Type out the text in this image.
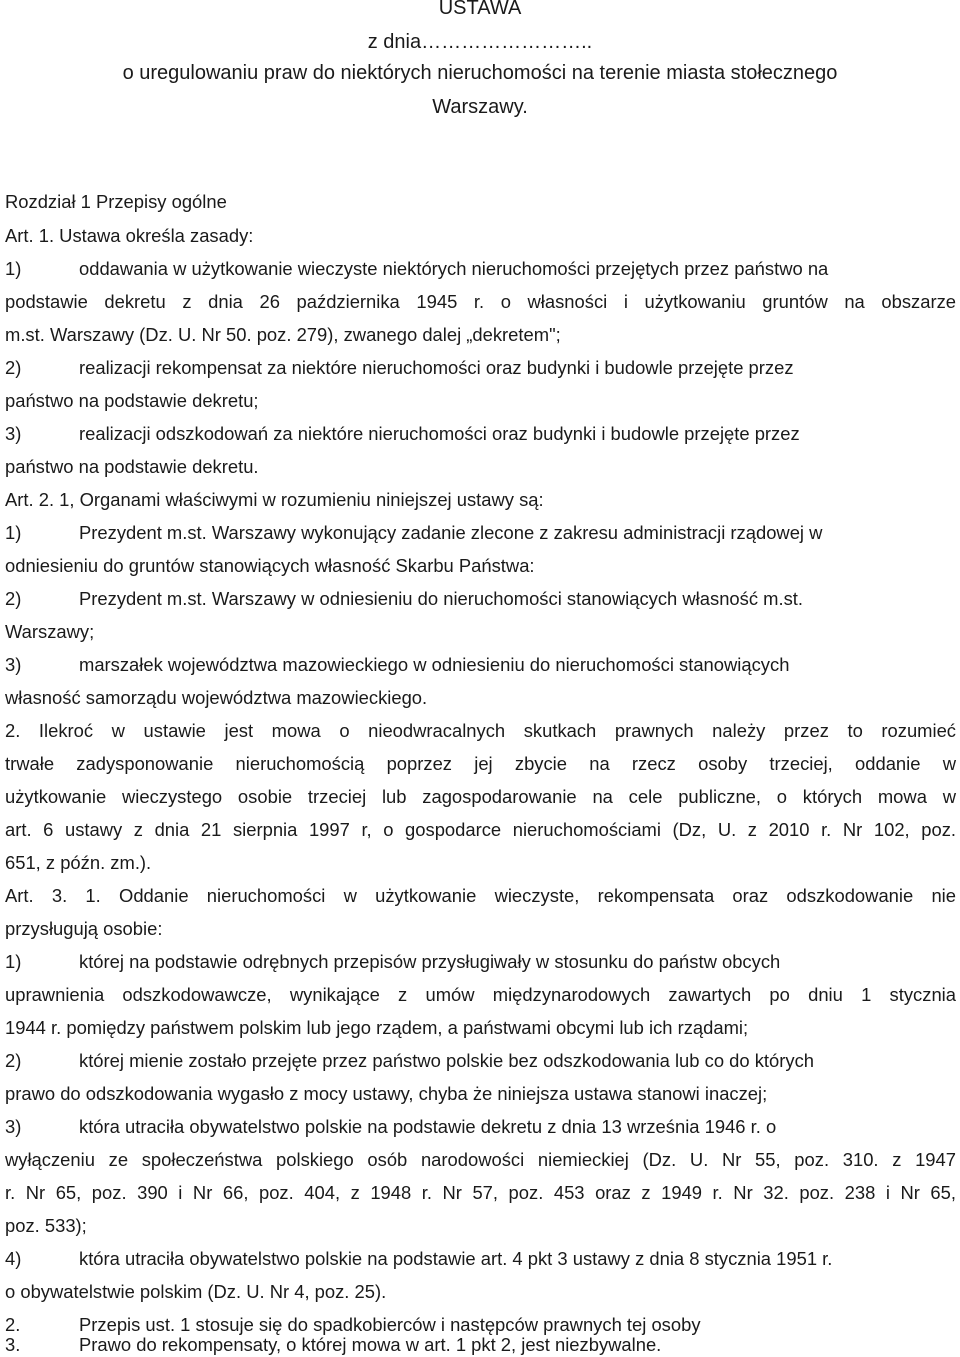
USTAWA
z dnia……………………..
o uregulowaniu praw do niektórych nieruchomości na terenie miasta stołecznego
Warszawy.
Rozdział 1 Przepisy ogólne
Art. 1. Ustawa określa zasady:
1)	oddawania w użytkowanie wieczyste niektórych nieruchomości przejętych przez państwo na
podstawie dekretu z dnia 26 października 1945 r. o własności i użytkowaniu gruntów na obszarze
m.st. Warszawy (Dz. U. Nr 50. poz. 279), zwanego dalej „dekretem";
2)	realizacji rekompensat za niektóre nieruchomości oraz budynki i budowle przejęte przez
państwo na podstawie dekretu;
3)	realizacji odszkodowań za niektóre nieruchomości oraz budynki i budowle przejęte przez
państwo na podstawie dekretu.
Art. 2. 1, Organami właściwymi w rozumieniu niniejszej ustawy są:
1)	Prezydent m.st. Warszawy wykonujący zadanie zlecone z zakresu administracji rządowej w
odniesieniu do gruntów stanowiących własność Skarbu Państwa:
2)	Prezydent m.st. Warszawy w odniesieniu do nieruchomości stanowiących własność m.st.
Warszawy;
3)	marszałek województwa mazowieckiego w odniesieniu do nieruchomości stanowiących
własność samorządu województwa mazowieckiego.
2. Ilekroć w ustawie jest mowa o nieodwracalnych skutkach prawnych należy przez to rozumieć
trwałe zadysponowanie nieruchomością poprzez jej zbycie na rzecz osoby trzeciej, oddanie w
użytkowanie wieczystego osobie trzeciej lub zagospodarowanie na cele publiczne, o których mowa w
art. 6 ustawy z dnia 21 sierpnia 1997 r, o gospodarce nieruchomościami (Dz, U. z 2010 r. Nr 102, poz.
651, z późn. zm.).
Art. 3. 1. Oddanie nieruchomości w użytkowanie wieczyste, rekompensata oraz odszkodowanie nie
przysługują osobie:
1)	której na podstawie odrębnych przepisów przysługiwały w stosunku do państw obcych
uprawnienia odszkodowawcze, wynikające z umów międzynarodowych zawartych po dniu 1 stycznia
1944 r. pomiędzy państwem polskim lub jego rządem, a państwami obcymi lub ich rządami;
2)	której mienie zostało przejęte przez państwo polskie bez odszkodowania lub co do których
prawo do odszkodowania wygasło z mocy ustawy, chyba że niniejsza ustawa stanowi inaczej;
3)	która utraciła obywatelstwo polskie na podstawie dekretu z dnia 13 września 1946 r. o
wyłączeniu ze społeczeństwa polskiego osób narodowości niemieckiej (Dz. U. Nr 55, poz. 310. z 1947
r. Nr 65, poz. 390 i Nr 66, poz. 404, z 1948 r. Nr 57, poz. 453 oraz z 1949 r. Nr 32. poz. 238 i Nr 65,
poz. 533);
4)	która utraciła obywatelstwo polskie na podstawie art. 4 pkt 3 ustawy z dnia 8 stycznia 1951 r.
o obywatelstwie polskim (Dz. U. Nr 4, poz. 25).
2.	Przepis ust. 1 stosuje się do spadkobierców i następców prawnych tej osoby
3.	Prawo do rekompensaty, o której mowa w art. 1 pkt 2, jest niezbywalne.
